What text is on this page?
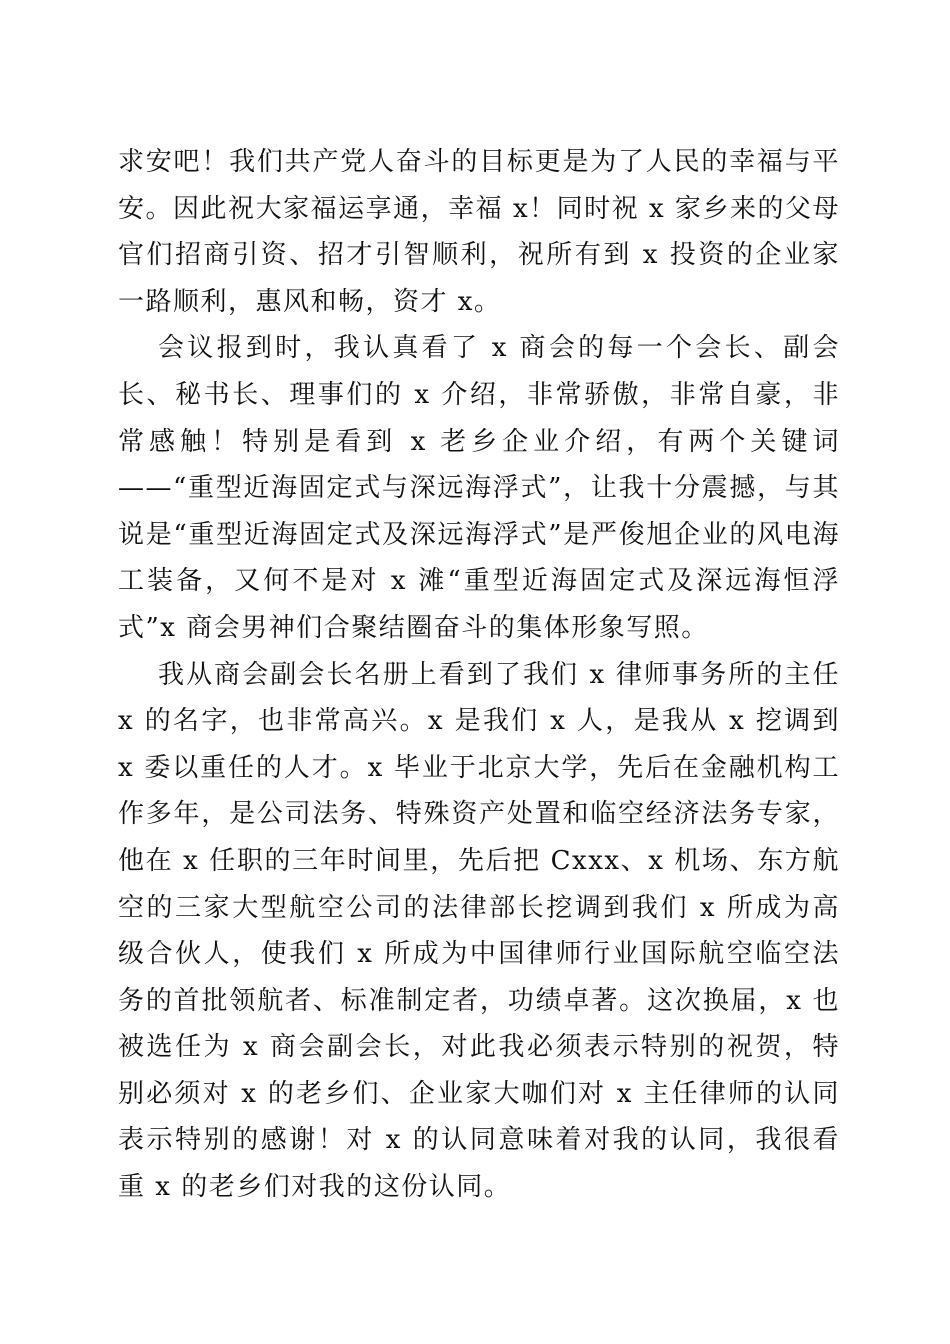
求安吧！我们共产党人奋斗的目标更是为了人民的幸福与平安。因此祝大家福运享通，幸福 x！同时祝 x 家乡来的父母官们招商引资、招才引智顺利，祝所有到 x 投资的企业家一路顺利，惠风和畅，资才 x。

会议报到时，我认真看了 x 商会的每一个会长、副会长、秘书长、理事们的 x 介绍，非常骄傲，非常自豪，非常感触！特别是看到 x 老乡企业介绍，有两个关键词——“重型近海固定式与深远海浮式”，让我十分震撼，与其说是“重型近海固定式及深远海浮式”是严俊旭企业的风电海工装备，又何不是对 x 滩“重型近海固定式及深远海恒浮式”x 商会男神们合聚结圈奋斗的集体形象写照。

我从商会副会长名册上看到了我们 x 律师事务所的主任 x 的名字，也非常高兴。x 是我们 x 人，是我从 x 挖调到 x 委以重任的人才。x 毕业于北京大学，先后在金融机构工作多年，是公司法务、特殊资产处置和临空经济法务专家，他在 x 任职的三年时间里，先后把 Cxxx、x 机场、东方航空的三家大型航空公司的法律部长挖调到我们 x 所成为高级合伙人，使我们 x 所成为中国律师行业国际航空临空法务的首批领航者、标准制定者，功绩卓著。这次换届，x 也被选任为 x 商会副会长，对此我必须表示特别的祝贺，特别必须对 x 的老乡们、企业家大咖们对 x 主任律师的认同表示特别的感谢！对 x 的认同意味着对我的认同，我很看重 x 的老乡们对我的这份认同。
